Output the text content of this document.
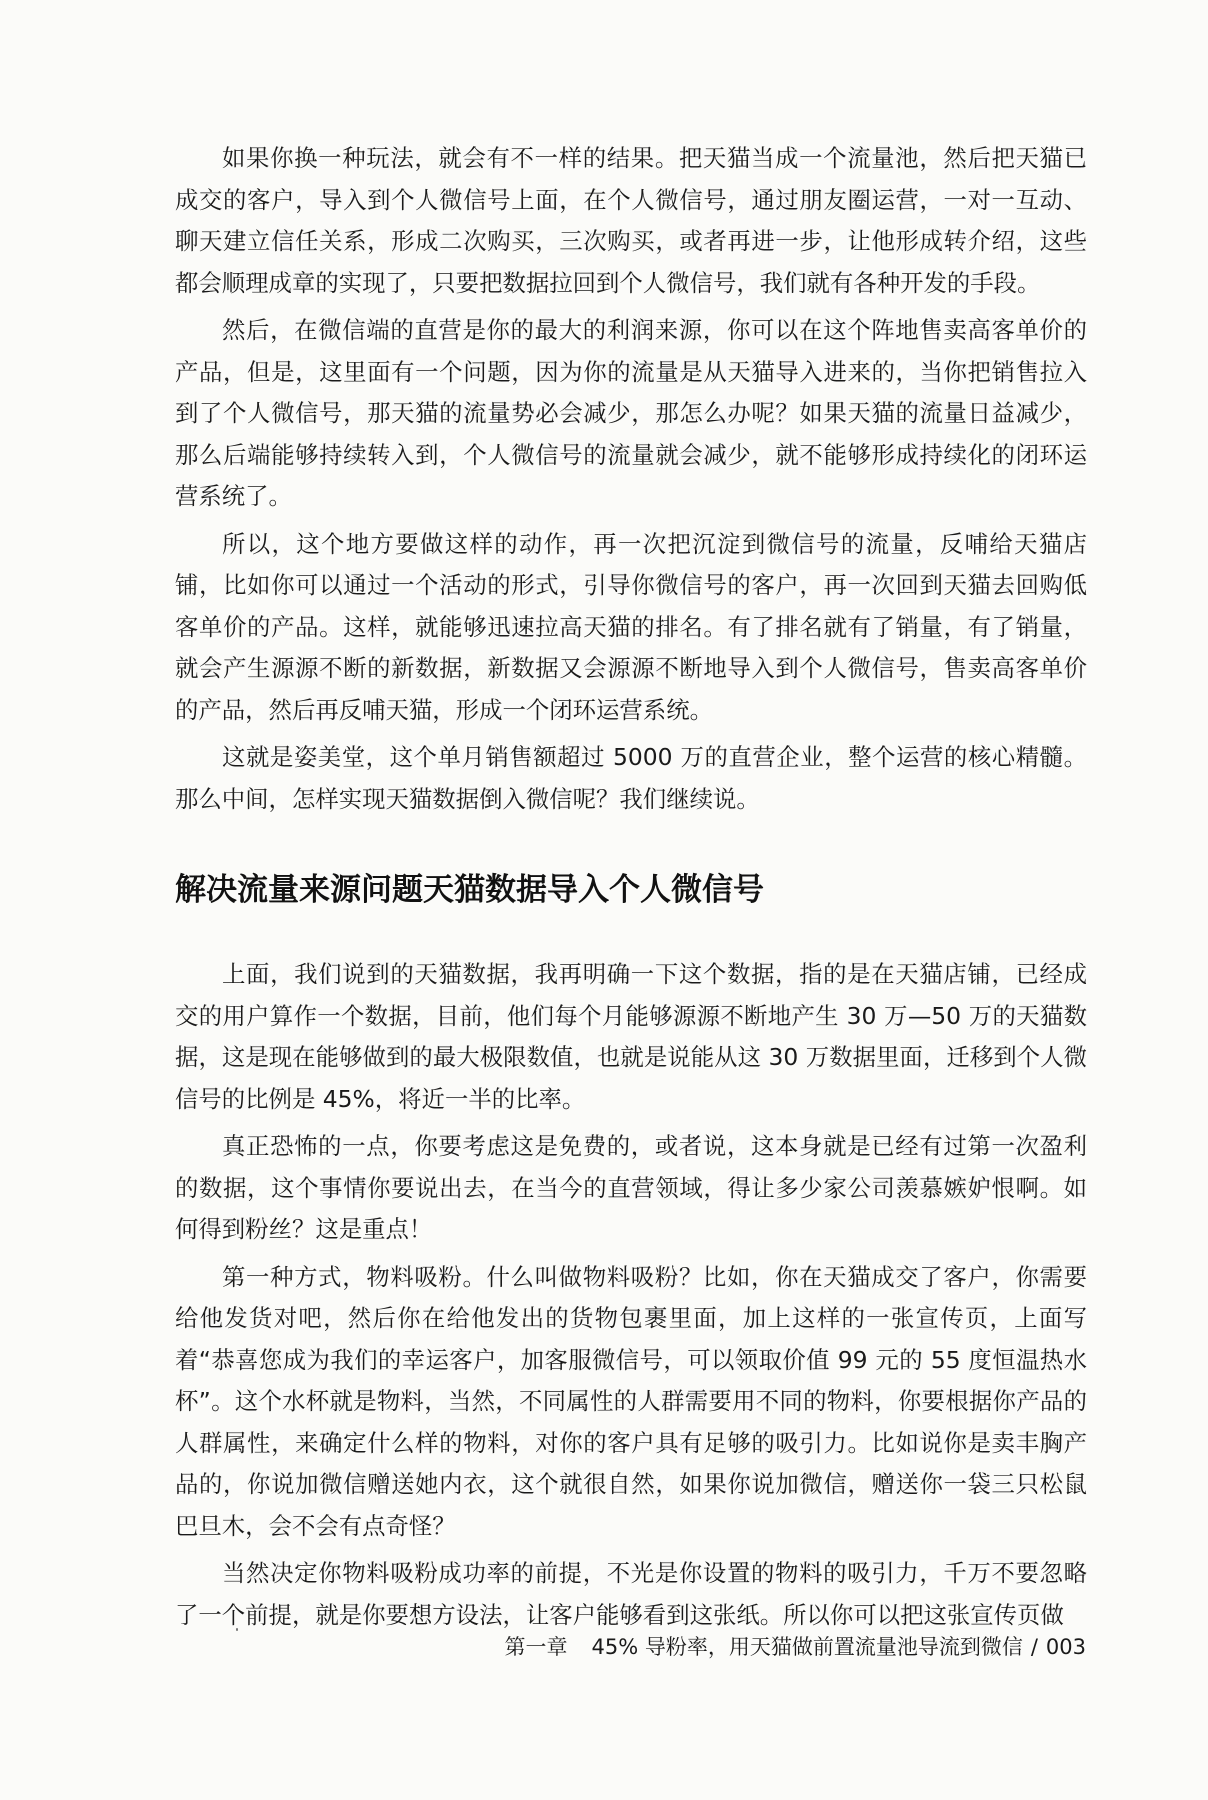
如果你换一种玩法，就会有不一样的结果。把天猫当成一个流量池，然后把天猫已成交的客户，导入到个人微信号上面，在个人微信号，通过朋友圈运营，一对一互动、聊天建立信任关系，形成二次购买，三次购买，或者再进一步，让他形成转介绍，这些都会顺理成章的实现了，只要把数据拉回到个人微信号，我们就有各种开发的手段。

然后，在微信端的直营是你的最大的利润来源，你可以在这个阵地售卖高客单价的产品，但是，这里面有一个问题，因为你的流量是从天猫导入进来的，当你把销售拉入到了个人微信号，那天猫的流量势必会减少，那怎么办呢？如果天猫的流量日益减少，那么后端能够持续转入到，个人微信号的流量就会减少，就不能够形成持续化的闭环运营系统了。

所以，这个地方要做这样的动作，再一次把沉淀到微信号的流量，反哺给天猫店铺，比如你可以通过一个活动的形式，引导你微信号的客户，再一次回到天猫去回购低客单价的产品。这样，就能够迅速拉高天猫的排名。有了排名就有了销量，有了销量，就会产生源源不断的新数据，新数据又会源源不断地导入到个人微信号，售卖高客单价的产品，然后再反哺天猫，形成一个闭环运营系统。

这就是姿美堂，这个单月销售额超过 5000 万的直营企业，整个运营的核心精髓。那么中间，怎样实现天猫数据倒入微信呢？我们继续说。

解决流量来源问题天猫数据导入个人微信号

上面，我们说到的天猫数据，我再明确一下这个数据，指的是在天猫店铺，已经成交的用户算作一个数据，目前，他们每个月能够源源不断地产生 30 万—50 万的天猫数据，这是现在能够做到的最大极限数值，也就是说能从这 30 万数据里面，迁移到个人微信号的比例是 45%，将近一半的比率。

真正恐怖的一点，你要考虑这是免费的，或者说，这本身就是已经有过第一次盈利的数据，这个事情你要说出去，在当今的直营领域，得让多少家公司羡慕嫉妒恨啊。如何得到粉丝？这是重点！

第一种方式，物料吸粉。什么叫做物料吸粉？比如，你在天猫成交了客户，你需要给他发货对吧，然后你在给他发出的货物包裹里面，加上这样的一张宣传页，上面写着“恭喜您成为我们的幸运客户，加客服微信号，可以领取价值 99 元的 55 度恒温热水杯”。这个水杯就是物料，当然，不同属性的人群需要用不同的物料，你要根据你产品的人群属性，来确定什么样的物料，对你的客户具有足够的吸引力。比如说你是卖丰胸产品的，你说加微信赠送她内衣，这个就很自然，如果你说加微信，赠送你一袋三只松鼠巴旦木，会不会有点奇怪？

当然决定你物料吸粉成功率的前提，不光是你设置的物料的吸引力，千万不要忽略了一个前提，就是你要想方设法，让客户能够看到这张纸。所以你可以把这张宣传页做

第一章 45% 导粉率，用天猫做前置流量池导流到微信 / 003
